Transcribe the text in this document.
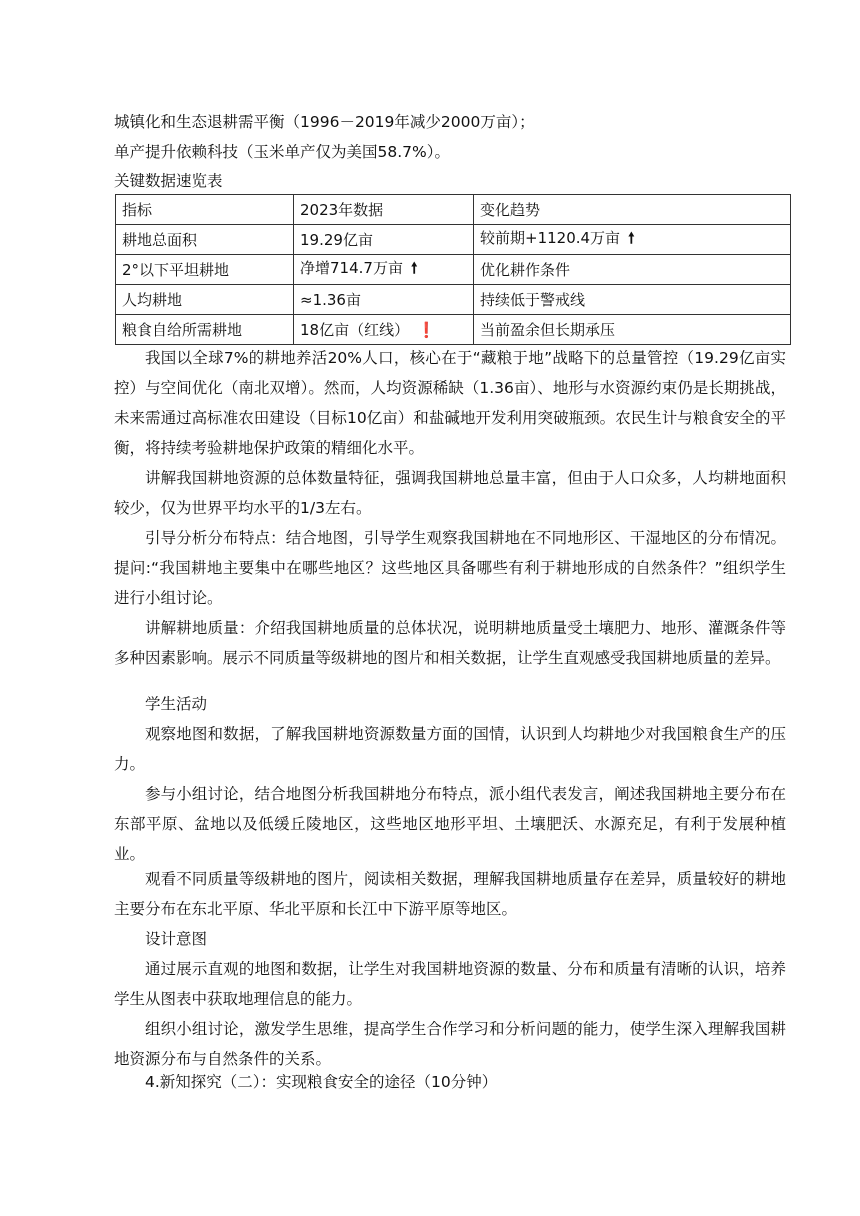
城镇化和生态退耕需平衡（1996－2019年减少2000万亩）；
单产提升依赖科技（玉米单产仅为美国58.7%）。
关键数据速览表
指标	2023年数据	变化趋势
耕地总面积	19.29亿亩	较前期+1120.4万亩 🠕
2°以下平坦耕地	净增714.7万亩 🠕	优化耕作条件
人均耕地	≈1.36亩	持续低于警戒线
粮食自给所需耕地	18亿亩（红线） ❗	当前盈余但长期承压

我国以全球7%的耕地养活20%人口，核心在于“藏粮于地”战略下的总量管控（19.29亿亩实控）与空间优化（南北双增）。然而，人均资源稀缺（1.36亩）、地形与水资源约束仍是长期挑战，未来需通过高标准农田建设（目标10亿亩）和盐碱地开发利用突破瓶颈。农民生计与粮食安全的平衡，将持续考验耕地保护政策的精细化水平。

讲解我国耕地资源的总体数量特征，强调我国耕地总量丰富，但由于人口众多，人均耕地面积较少，仅为世界平均水平的1/3左右。

引导分析分布特点：结合地图，引导学生观察我国耕地在不同地形区、干湿地区的分布情况。提问:“我国耕地主要集中在哪些地区？这些地区具备哪些有利于耕地形成的自然条件？”组织学生进行小组讨论。

讲解耕地质量：介绍我国耕地质量的总体状况，说明耕地质量受土壤肥力、地形、灌溉条件等多种因素影响。展示不同质量等级耕地的图片和相关数据，让学生直观感受我国耕地质量的差异。

学生活动

观察地图和数据，了解我国耕地资源数量方面的国情，认识到人均耕地少对我国粮食生产的压力。

参与小组讨论，结合地图分析我国耕地分布特点，派小组代表发言，阐述我国耕地主要分布在东部平原、盆地以及低缓丘陵地区，这些地区地形平坦、土壤肥沃、水源充足，有利于发展种植业。

观看不同质量等级耕地的图片，阅读相关数据，理解我国耕地质量存在差异，质量较好的耕地主要分布在东北平原、华北平原和长江中下游平原等地区。

设计意图

通过展示直观的地图和数据，让学生对我国耕地资源的数量、分布和质量有清晰的认识，培养学生从图表中获取地理信息的能力。

组织小组讨论，激发学生思维，提高学生合作学习和分析问题的能力，使学生深入理解我国耕地资源分布与自然条件的关系。

4.新知探究（二）：实现粮食安全的途径（10分钟）
